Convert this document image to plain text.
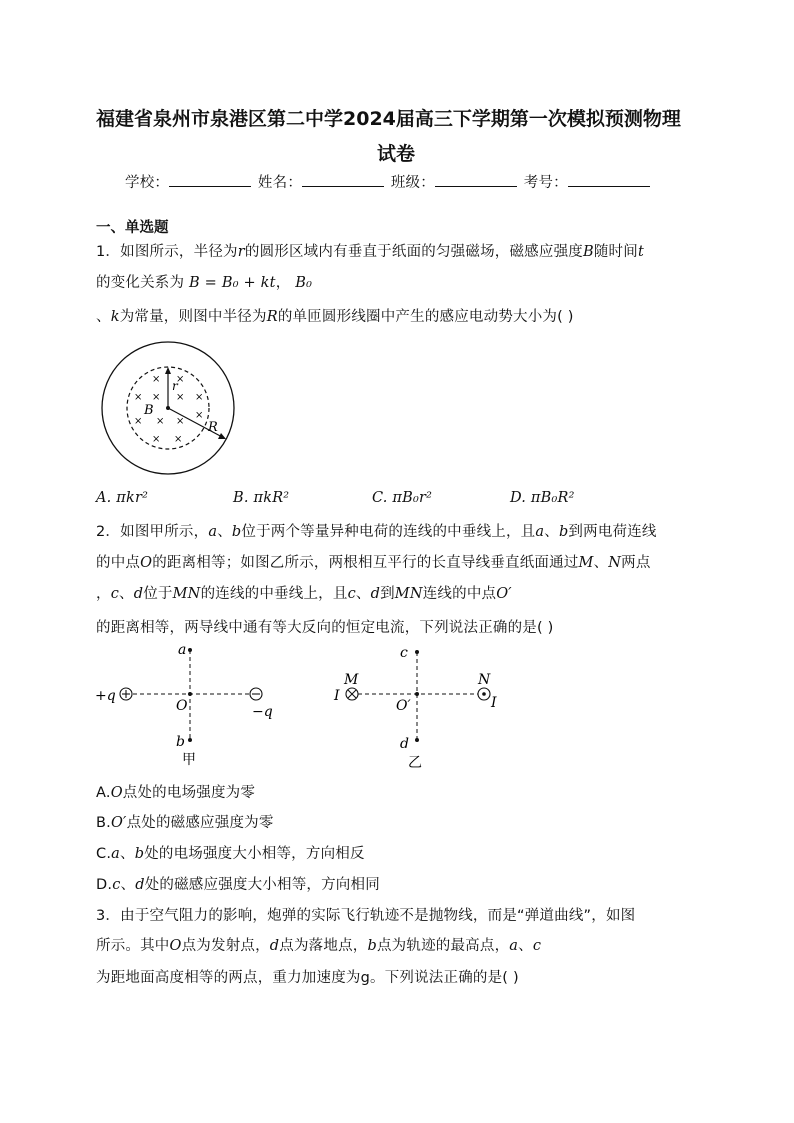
福建省泉州市泉港区第二中学2024届高三下学期第一次模拟预测物理
试卷
学校：	姓名：	班级：	考号：
一、单选题
1．如图所示，半径为r的圆形区域内有垂直于纸面的匀强磁场，磁感应强度B随时间t
的变化关系为 B = B₀ + kt， B₀
、k为常量，则图中半径为R的单匝圆形线圈中产生的感应电动势大小为( )
r
B
R
× ×
× × × ×
×
× × ×
× ×
A. πkr²	B. πkR²	C. πB₀r²	D. πB₀R²
2．如图甲所示，a、b位于两个等量异种电荷的连线的中垂线上，且a、b到两电荷连线
的中点O的距离相等；如图乙所示，两根相互平行的长直导线垂直纸面通过M、N两点
，c、d位于MN的连线的中垂线上，且c、d到MN连线的中点O′
的距离相等，两导线中通有等大反向的恒定电流，下列说法正确的是( )
a
O
b
+q
−q
甲
c
O′
d
M	N
I	I
乙
A.O点处的电场强度为零
B.O′点处的磁感应强度为零
C.a、b处的电场强度大小相等，方向相反
D.c、d处的磁感应强度大小相等，方向相同
3．由于空气阻力的影响，炮弹的实际飞行轨迹不是抛物线，而是“弹道曲线”，如图
所示。其中O点为发射点，d点为落地点，b点为轨迹的最高点，a、c
为距地面高度相等的两点，重力加速度为g。下列说法正确的是( )
